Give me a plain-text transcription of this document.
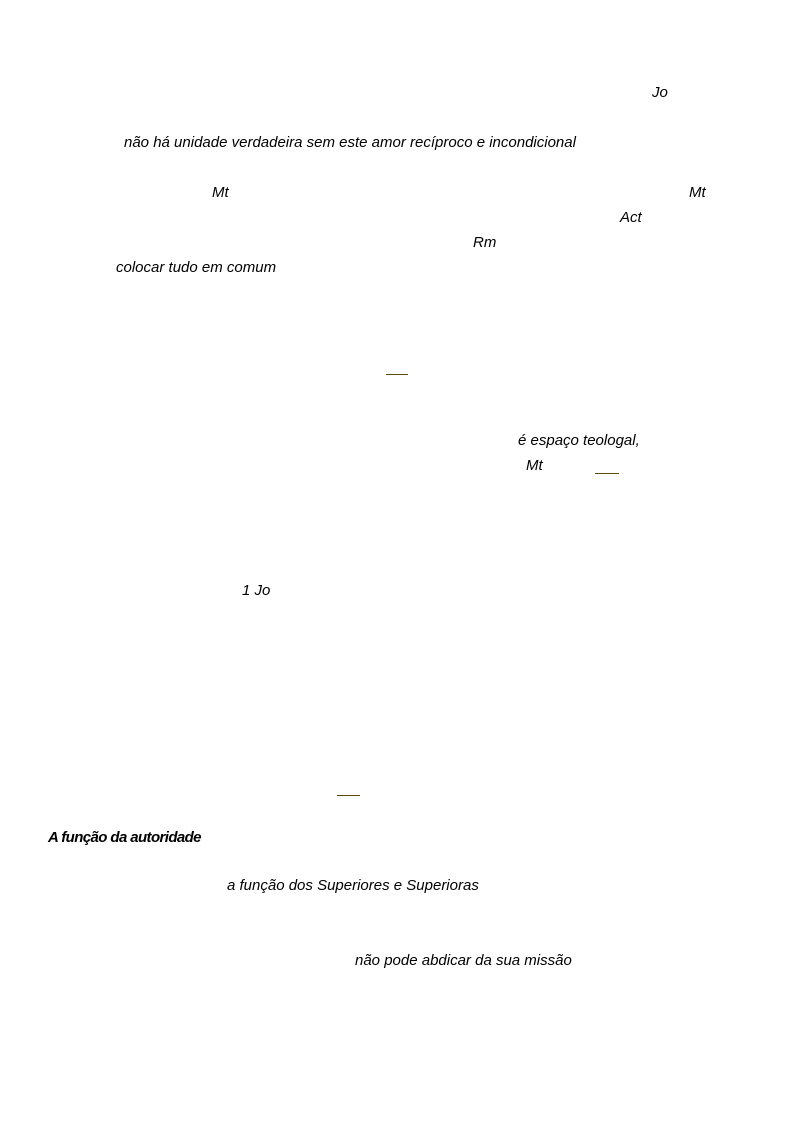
Jo
não há unidade verdadeira sem este amor recíproco e incondicional
Mt	Mt
Act
Rm
colocar tudo em comum
é espaço teologal,
Mt
1 Jo
A função da autoridade
a função dos Superiores e Superioras
não pode abdicar da sua missão
